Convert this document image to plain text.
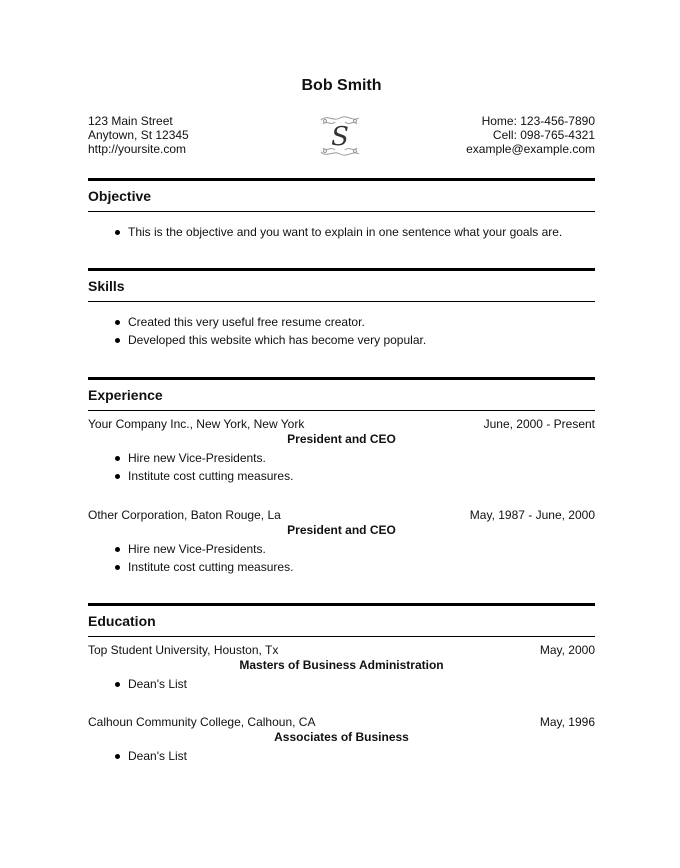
Bob Smith
123 Main Street
Anytown, St 12345
http://yoursite.com	S
Home: 123-456-7890
Cell: 098-765-4321
example@example.com
Objective
This is the objective and you want to explain in one sentence what your goals are.
Skills
Created this very useful free resume creator.
Developed this website which has become very popular.
Experience
Your Company Inc., New York, New York	June, 2000 - Present
President and CEO
Hire new Vice-Presidents.
Institute cost cutting measures.
Other Corporation, Baton Rouge, La	May, 1987 - June, 2000
President and CEO
Hire new Vice-Presidents.
Institute cost cutting measures.
Education
Top Student University, Houston, Tx	May, 2000
Masters of Business Administration
Dean's List
Calhoun Community College, Calhoun, CA	May, 1996
Associates of Business
Dean's List
